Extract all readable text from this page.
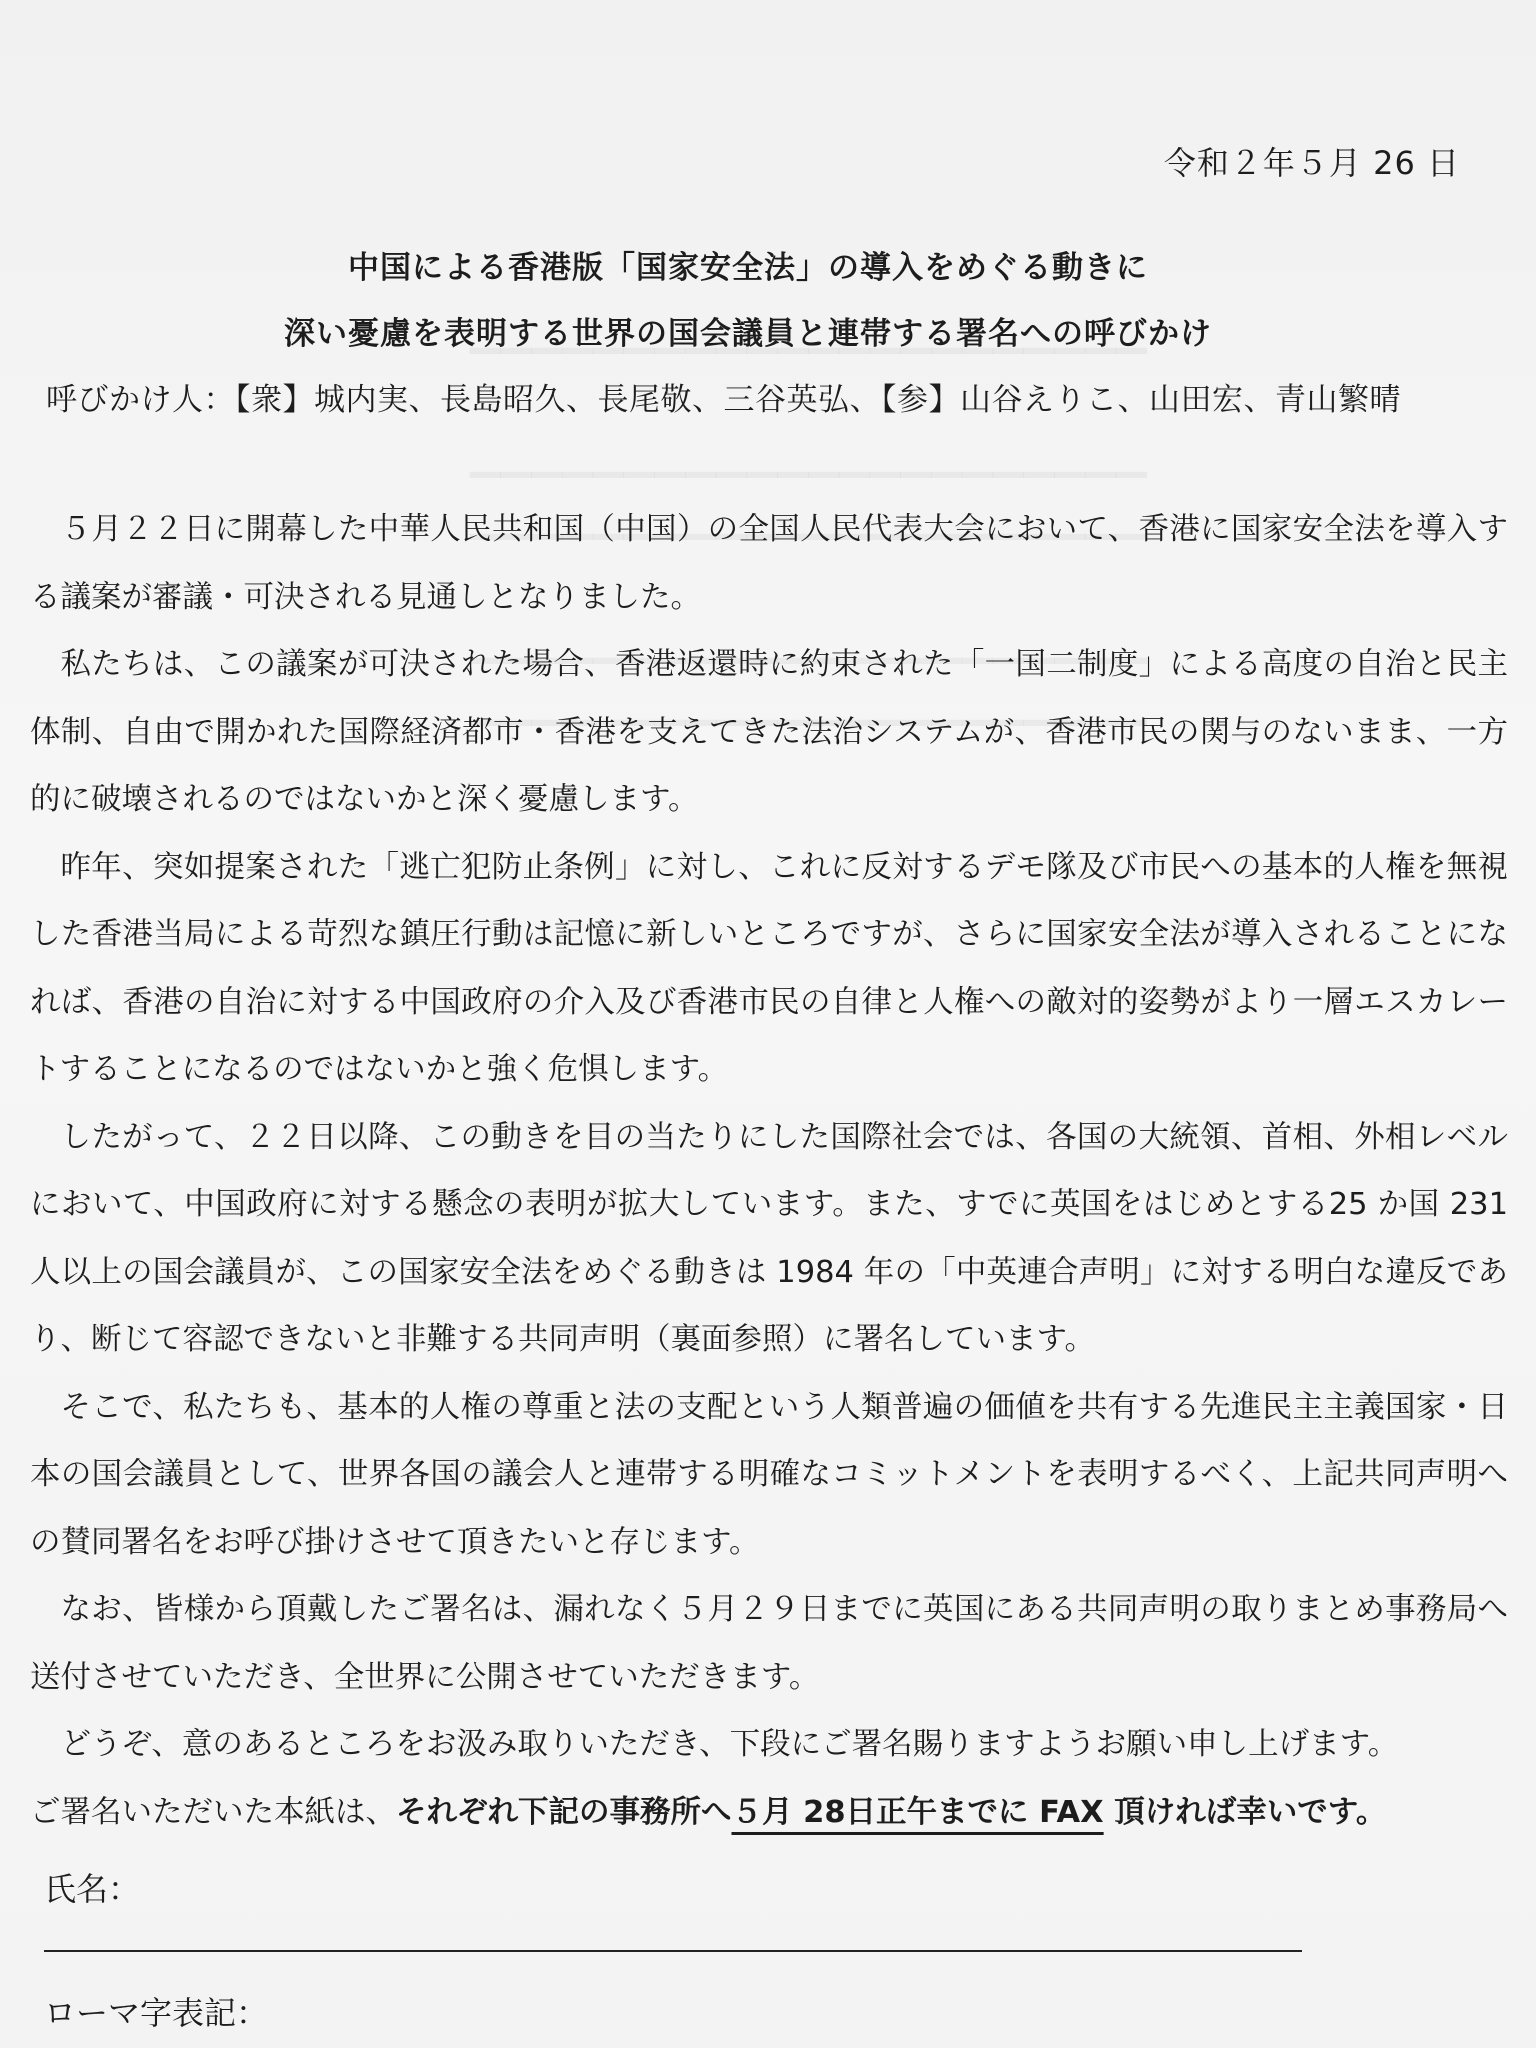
令和２年５月 26 日
中国による香港版「国家安全法」の導入をめぐる動きに
深い憂慮を表明する世界の国会議員と連帯する署名への呼びかけ
呼びかけ人：【衆】城内実、長島昭久、長尾敬、三谷英弘、【参】山谷えりこ、山田宏、青山繁晴

５月２２日に開幕した中華人民共和国（中国）の全国人民代表大会において、香港に国家安全法を導入する議案が審議・可決される見通しとなりました。

私たちは、この議案が可決された場合、香港返還時に約束された「一国二制度」による高度の自治と民主体制、自由で開かれた国際経済都市・香港を支えてきた法治システムが、香港市民の関与のないまま、一方的に破壊されるのではないかと深く憂慮します。

昨年、突如提案された「逃亡犯防止条例」に対し、これに反対するデモ隊及び市民への基本的人権を無視した香港当局による苛烈な鎮圧行動は記憶に新しいところですが、さらに国家安全法が導入されることになれば、香港の自治に対する中国政府の介入及び香港市民の自律と人権への敵対的姿勢がより一層エスカレートすることになるのではないかと強く危惧します。

したがって、２２日以降、この動きを目の当たりにした国際社会では、各国の大統領、首相、外相レベルにおいて、中国政府に対する懸念の表明が拡大しています。また、すでに英国をはじめとする25 か国 231 人以上の国会議員が、この国家安全法をめぐる動きは 1984 年の「中英連合声明」に対する明白な違反であり、断じて容認できないと非難する共同声明（裏面参照）に署名しています。

そこで、私たちも、基本的人権の尊重と法の支配という人類普遍の価値を共有する先進民主主義国家・日本の国会議員として、世界各国の議会人と連帯する明確なコミットメントを表明するべく、上記共同声明への賛同署名をお呼び掛けさせて頂きたいと存じます。

なお、皆様から頂戴したご署名は、漏れなく５月２９日までに英国にある共同声明の取りまとめ事務局へ送付させていただき、全世界に公開させていただきます。

どうぞ、意のあるところをお汲み取りいただき、下段にご署名賜りますようお願い申し上げます。

ご署名いただいた本紙は、それぞれ下記の事務所へ５月 28日正午までに FAX 頂ければ幸いです。

氏名：
ローマ字表記：
